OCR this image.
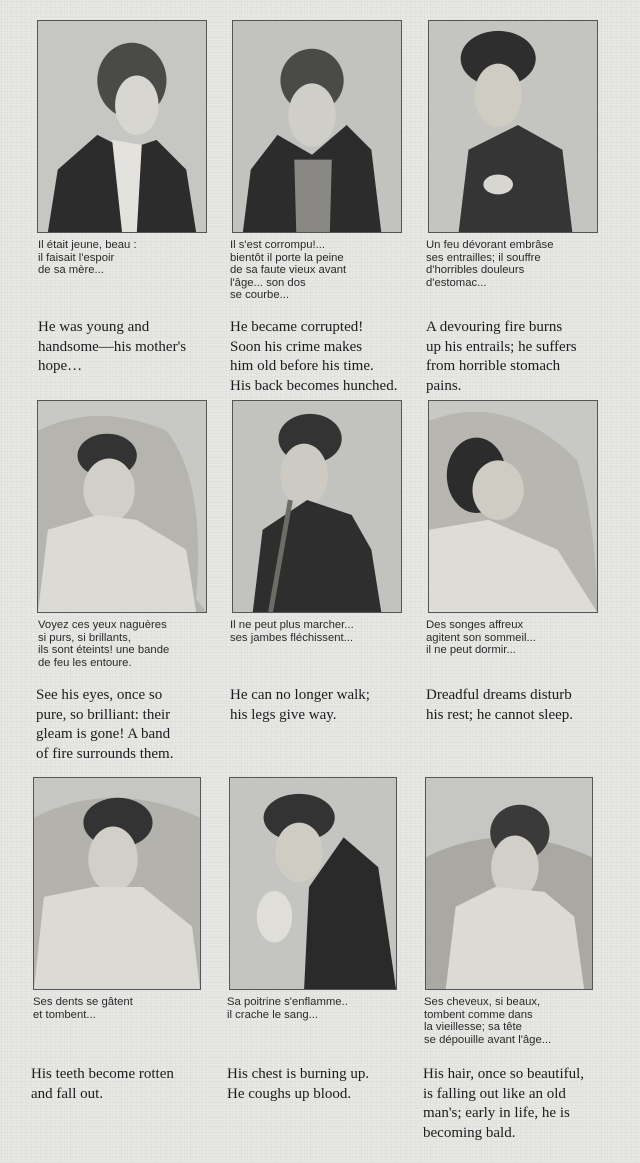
Il était jeune, beau :
il faisait l'espoir
de sa mère...
He was young and
handsome—his mother's
hope…
Il s'est corrompu!...
bientôt il porte la peine
de sa faute vieux avant
l'âge... son dos
se courbe...
He became corrupted!
Soon his crime makes
him old before his time.
His back becomes hunched.
Un feu dévorant embrâse
ses entrailles; il souffre
d'horribles douleurs
d'estomac...
A devouring fire burns
up his entrails; he suffers
from horrible stomach
pains.
Voyez ces yeux naguères
si purs, si brillants,
ils sont éteints! une bande
de feu les entoure.
See his eyes, once so
pure, so brilliant: their
gleam is gone! A band
of fire surrounds them.
Il ne peut plus marcher...
ses jambes fléchissent...
He can no longer walk;
his legs give way.
Des songes affreux
agitent son sommeil...
il ne peut dormir...
Dreadful dreams disturb
his rest; he cannot sleep.
Ses dents se gâtent
et tombent...
His teeth become rotten
and fall out.
Sa poitrine s'enflamme..
il crache le sang...
His chest is burning up.
He coughs up blood.
Ses cheveux, si beaux,
tombent comme dans
la vieillesse; sa tête
se dépouille avant l'âge...
His hair, once so beautiful,
is falling out like an old
man's; early in life, he is
becoming bald.
